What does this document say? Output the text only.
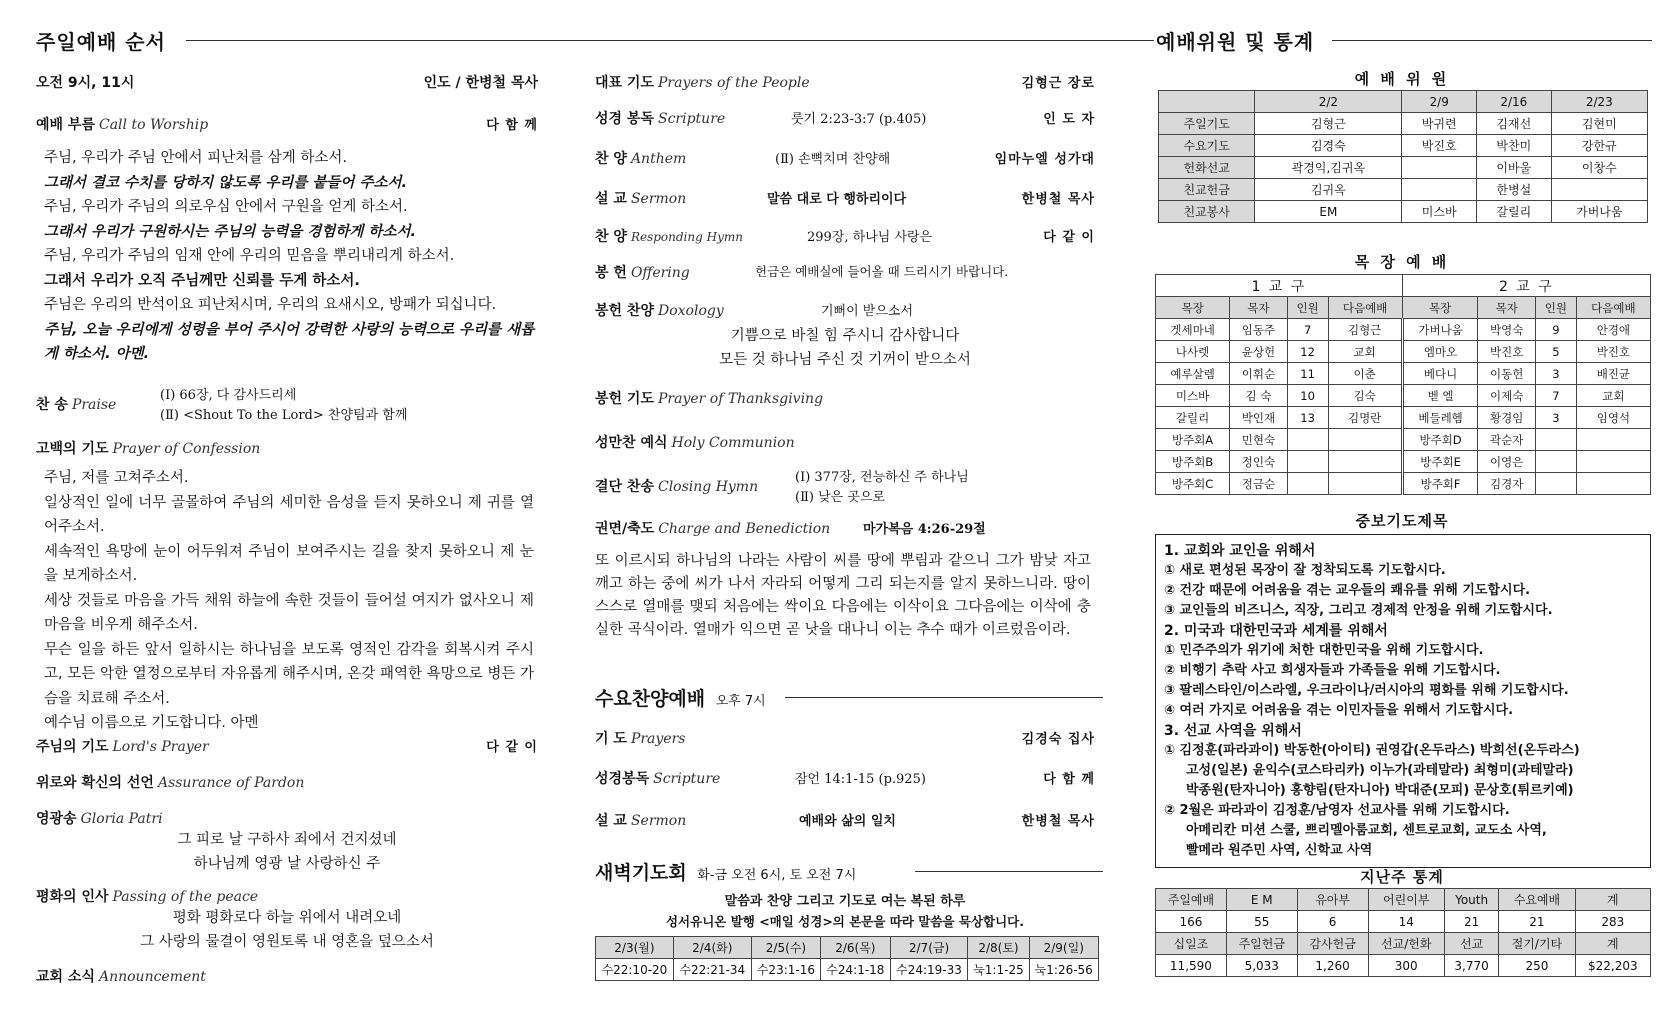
주일예배 순서
오전 9시, 11시	인도 / 한병철 목사
예배 부름 Call to Worship	다 함 께

주님, 우리가 주님 안에서 피난처를 삼게 하소서.

그래서 결코 수치를 당하지 않도록 우리를 붙들어 주소서.

주님, 우리가 주님의 의로우심 안에서 구원을 얻게 하소서.

그래서 우리가 구원하시는 주님의 능력을 경험하게 하소서.

주님, 우리가 주님의 임재 안에 우리의 믿음을 뿌리내리게 하소서.

그래서 우리가 오직 주님께만 신뢰를 두게 하소서.

주님은 우리의 반석이요 피난처시며, 우리의 요새시오, 방패가 되십니다.

주님, 오늘 우리에게 성령을 부어 주시어 강력한 사랑의 능력으로 우리를 새롭게 하소서. 아멘.

찬 송 Praise
(Ⅰ) 66장, 다 감사드리세
(Ⅱ) <Shout To the Lord> 찬양팀과 함께
고백의 기도 Prayer of Confession

주님, 저를 고쳐주소서.

일상적인 일에 너무 골몰하여 주님의 세미한 음성을 듣지 못하오니 제 귀를 열어주소서.

세속적인 욕망에 눈이 어두워져 주님이 보여주시는 길을 찾지 못하오니 제 눈을 보게하소서.

세상 것들로 마음을 가득 채워 하늘에 속한 것들이 들어설 여지가 없사오니 제 마음을 비우게 해주소서.

무슨 일을 하든 앞서 일하시는 하나님을 보도록 영적인 감각을 회복시켜 주시고, 모든 악한 열정으로부터 자유롭게 해주시며, 온갖 패역한 욕망으로 병든 가슴을 치료해 주소서.

예수님 이름으로 기도합니다. 아멘

주님의 기도 Lord's Prayer	다 같 이
위로와 확신의 선언 Assurance of Pardon
영광송 Gloria Patri
그 피로 날 구하사 죄에서 건지셨네
하나님께 영광 날 사랑하신 주
평화의 인사 Passing of the peace
평화 평화로다 하늘 위에서 내려오네
그 사랑의 물결이 영원토록 내 영혼을 덮으소서
교회 소식 Announcement
대표 기도 Prayers of the People	김형근 장로
성경 봉독 Scripture	룻기 2:23-3:7 (p.405)	인 도 자
찬 양 Anthem	(Ⅱ) 손뼉치며 찬양해	임마누엘 성가대
설 교 Sermon	말씀 대로 다 행하리이다	한병철 목사
찬 양 Responding Hymn	299장, 하나님 사랑은	다 같 이
봉 헌 Offering	헌금은 예배실에 들어올 때 드리시기 바랍니다.
봉헌 찬양 Doxology	기뻐이 받으소서
기쁨으로 바칠 힘 주시니 감사합니다
모든 것 하나님 주신 것 기꺼이 받으소서
봉헌 기도 Prayer of Thanksgiving
성만찬 예식 Holy Communion
결단 찬송 Closing Hymn
(Ⅰ) 377장, 전능하신 주 하나님
(Ⅱ) 낮은 곳으로
권면/축도 Charge and Benediction	마가복음 4:26-29절
또 이르시되 하나님의 나라는 사람이 씨를 땅에 뿌림과 같으니 그가 밤낮 자고 깨고 하는 중에 씨가 나서 자라되 어떻게 그리 되는지를 알지 못하느니라. 땅이 스스로 열매를 맺되 처음에는 싹이요 다음에는 이삭이요 그다음에는 이삭에 충실한 곡식이라. 열매가 익으면 곧 낫을 대나니 이는 추수 때가 이르렀음이라.
수요찬양예배 오후 7시
기 도 Prayers	김경숙 집사
성경봉독 Scripture	잠언 14:1-15 (p.925)	다 함 께
설 교 Sermon	예배와 삶의 일치	한병철 목사
새벽기도회 화-금 오전 6시, 토 오전 7시
말씀과 찬양 그리고 기도로 여는 복된 하루
성서유니온 발행 <매일 성경>의 본문을 따라 말씀을 묵상합니다.
2/3(월)	2/4(화)	2/5(수)	2/6(목)	2/7(금)	2/8(토)	2/9(일)
수22:10-20	수22:21-34	수23:1-16	수24:1-18	수24:19-33	눅1:1-25	눅1:26-56
예배위원 및 통계
예 배 위 원
	2/2	2/9	2/16	2/23
주일기도	김형근	박귀련	김재선	김현미
수요기도	김경숙	박진호	박찬미	강한규
헌화선교	곽경익,김귀옥		이바울	이창수
친교헌금	김귀옥		한병설	
친교봉사	EM	미스바	갈릴리	가버나움
목 장 예 배
1 교 구				2 교 구			
목장	목자	인원	다음예배	목장	목자	인원	다음예배
겟세마네	임동주	7	김형근	가버나움	박영숙	9	안경애
나사렛	윤상헌	12	교회	엠마오	박진호	5	박진호
예루살렘	이휘순	11	이춘	베다니	이동헌	3	배진균
미스바	김 숙	10	김숙	벧 엘	이제숙	7	교회
갈릴리	박인재	13	김명란	베들레헴	황경임	3	임영석
방주회A	민현숙			방주회D	곽순자		
방주회B	정인숙			방주회E	이영은		
방주회C	정금순			방주회F	김경자		
중보기도제목
1. 교회와 교인을 위해서
① 새로 편성된 목장이 잘 정착되도록 기도합시다.
② 건강 때문에 어려움을 겪는 교우들의 쾌유를 위해 기도합시다.
③ 교인들의 비즈니스, 직장, 그리고 경제적 안정을 위해 기도합시다.
2. 미국과 대한민국과 세계를 위해서
① 민주주의가 위기에 처한 대한민국을 위해 기도합시다.
② 비행기 추락 사고 희생자들과 가족들을 위해 기도합시다.
③ 팔레스타인/이스라엘, 우크라이나/러시아의 평화를 위해 기도합시다.
④ 여러 가지로 어려움을 겪는 이민자들을 위해서 기도합시다.
3. 선교 사역을 위해서
① 김정훈(파라과이) 박동한(아이티) 권영갑(온두라스) 박희선(온두라스)
고성(일본) 윤익수(코스타리카) 이누가(과테말라) 최형미(과테말라)
박종원(탄자니아) 홍향림(탄자니아) 박대준(모피) 문상호(튀르키예)
② 2월은 파라과이 김정훈/남영자 선교사를 위해 기도합시다.
아메리칸 미션 스쿨, 쁘리멜아룸교회, 센트로교회, 교도소 사역,
빨메라 원주민 사역, 신학교 사역
지난주 통계
주일예배	E M	유아부	어린이부	Youth	수요예배	계
166	55	6	14	21	21	283
십일조	주일헌금	감사헌금	선교/헌화	선교	절기/기타	계
11,590	5,033	1,260	300	3,770	250	$22,203
